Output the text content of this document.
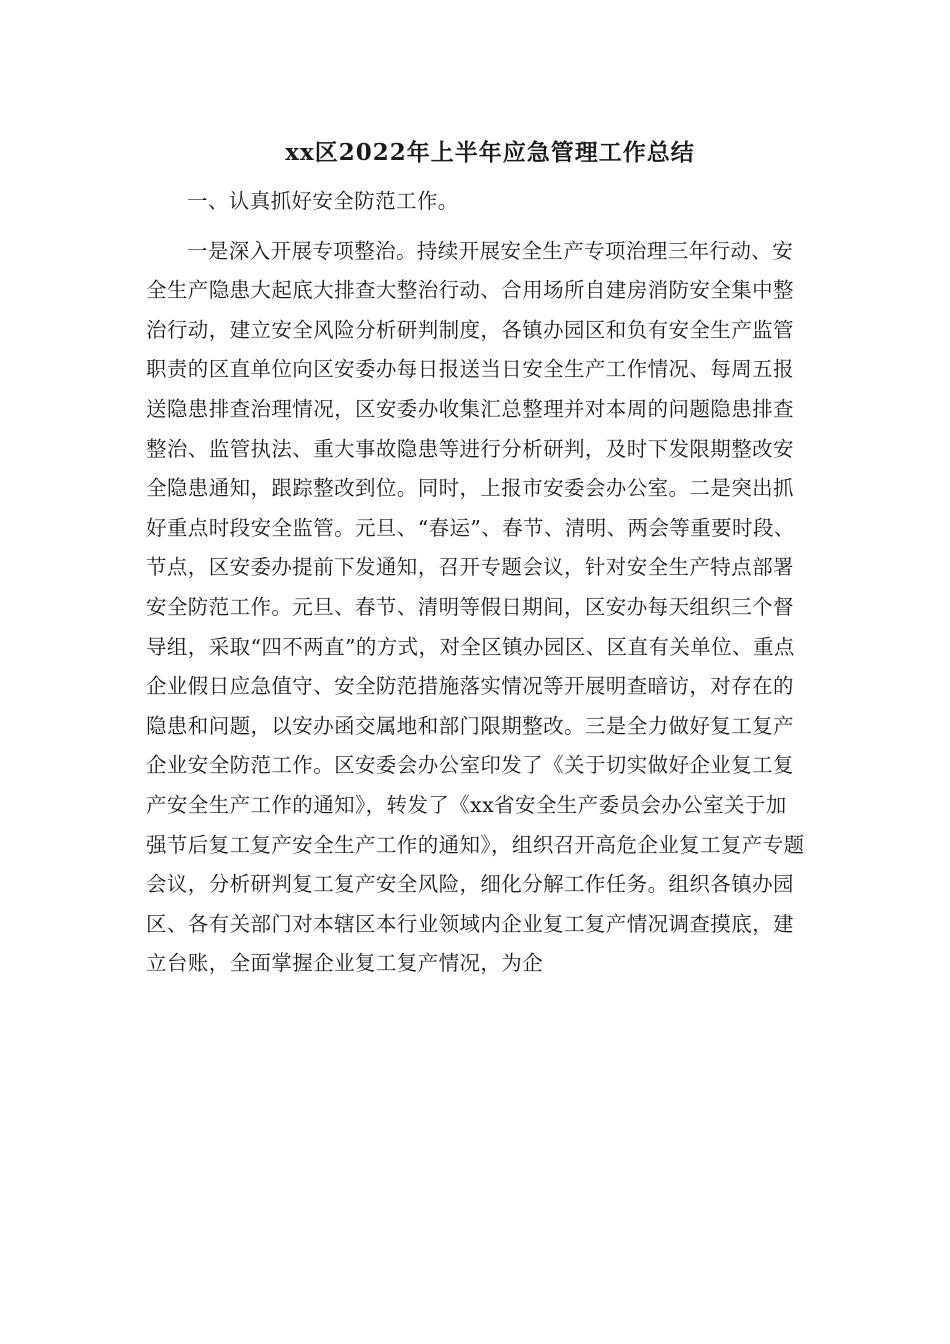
xx区2022年上半年应急管理工作总结

一、认真抓好安全防范工作。

一是深入开展专项整治。持续开展安全生产专项治理三年行动、安全生产隐患大起底大排查大整治行动、合用场所自建房消防安全集中整治行动，建立安全风险分析研判制度，各镇办园区和负有安全生产监管职责的区直单位向区安委办每日报送当日安全生产工作情况、每周五报送隐患排查治理情况，区安委办收集汇总整理并对本周的问题隐患排查整治、监管执法、重大事故隐患等进行分析研判，及时下发限期整改安全隐患通知，跟踪整改到位。同时，上报市安委会办公室。二是突出抓好重点时段安全监管。元旦、“春运”、春节、清明、两会等重要时段、节点，区安委办提前下发通知，召开专题会议，针对安全生产特点部署安全防范工作。元旦、春节、清明等假日期间，区安办每天组织三个督导组，采取“四不两直”的方式，对全区镇办园区、区直有关单位、重点企业假日应急值守、安全防范措施落实情况等开展明查暗访，对存在的隐患和问题，以安办函交属地和部门限期整改。三是全力做好复工复产企业安全防范工作。区安委会办公室印发了《关于切实做好企业复工复产安全生产工作的通知》，转发了《xx省安全生产委员会办公室关于加强节后复工复产安全生产工作的通知》，组织召开高危企业复工复产专题会议，分析研判复工复产安全风险，细化分解工作任务。组织各镇办园区、各有关部门对本辖区本行业领域内企业复工复产情况调查摸底，建立台账，全面掌握企业复工复产情况，为企
